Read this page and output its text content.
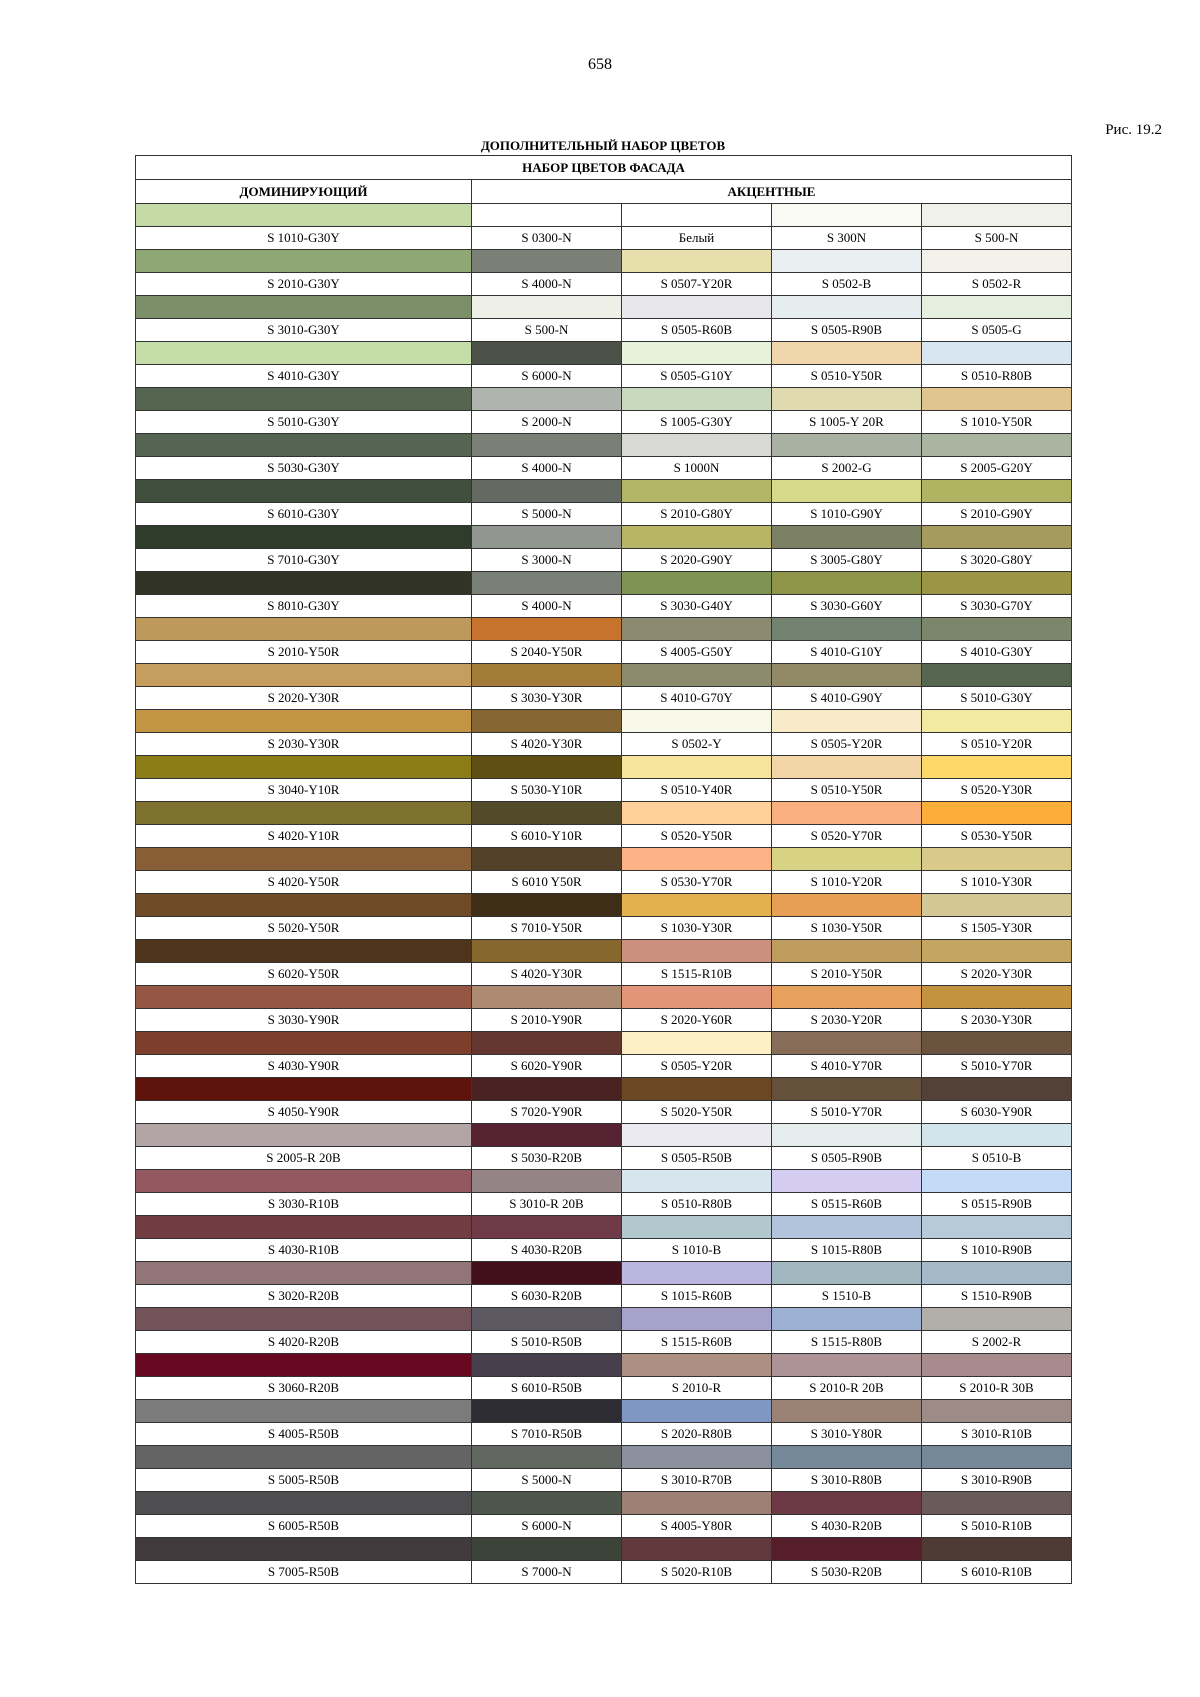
658
Рис. 19.2
ДОПОЛНИТЕЛЬНЫЙ НАБОР ЦВЕТОВ
НАБОР ЦВЕТОВ ФАСАДА				
ДОМИНИРУЮЩИЙ	АКЦЕНТНЫЕ			

S 1010-G30Y	S 0300-N	Белый	S 300N	S 500-N

S 2010-G30Y	S 4000-N	S 0507-Y20R	S 0502-B	S 0502-R

S 3010-G30Y	S 500-N	S 0505-R60B	S 0505-R90B	S 0505-G

S 4010-G30Y	S 6000-N	S 0505-G10Y	S 0510-Y50R	S 0510-R80B

S 5010-G30Y	S 2000-N	S 1005-G30Y	S 1005-Y 20R	S 1010-Y50R

S 5030-G30Y	S 4000-N	S 1000N	S 2002-G	S 2005-G20Y

S 6010-G30Y	S 5000-N	S 2010-G80Y	S 1010-G90Y	S 2010-G90Y

S 7010-G30Y	S 3000-N	S 2020-G90Y	S 3005-G80Y	S 3020-G80Y

S 8010-G30Y	S 4000-N	S 3030-G40Y	S 3030-G60Y	S 3030-G70Y

S 2010-Y50R	S 2040-Y50R	S 4005-G50Y	S 4010-G10Y	S 4010-G30Y

S 2020-Y30R	S 3030-Y30R	S 4010-G70Y	S 4010-G90Y	S 5010-G30Y

S 2030-Y30R	S 4020-Y30R	S 0502-Y	S 0505-Y20R	S 0510-Y20R

S 3040-Y10R	S 5030-Y10R	S 0510-Y40R	S 0510-Y50R	S 0520-Y30R

S 4020-Y10R	S 6010-Y10R	S 0520-Y50R	S 0520-Y70R	S 0530-Y50R

S 4020-Y50R	S 6010 Y50R	S 0530-Y70R	S 1010-Y20R	S 1010-Y30R

S 5020-Y50R	S 7010-Y50R	S 1030-Y30R	S 1030-Y50R	S 1505-Y30R

S 6020-Y50R	S 4020-Y30R	S 1515-R10B	S 2010-Y50R	S 2020-Y30R

S 3030-Y90R	S 2010-Y90R	S 2020-Y60R	S 2030-Y20R	S 2030-Y30R

S 4030-Y90R	S 6020-Y90R	S 0505-Y20R	S 4010-Y70R	S 5010-Y70R

S 4050-Y90R	S 7020-Y90R	S 5020-Y50R	S 5010-Y70R	S 6030-Y90R

S 2005-R 20B	S 5030-R20B	S 0505-R50B	S 0505-R90B	S 0510-B

S 3030-R10B	S 3010-R 20B	S 0510-R80B	S 0515-R60B	S 0515-R90B

S 4030-R10B	S 4030-R20B	S 1010-B	S 1015-R80B	S 1010-R90B

S 3020-R20B	S 6030-R20B	S 1015-R60B	S 1510-B	S 1510-R90B

S 4020-R20B	S 5010-R50B	S 1515-R60B	S 1515-R80B	S 2002-R

S 3060-R20B	S 6010-R50B	S 2010-R	S 2010-R 20B	S 2010-R 30B

S 4005-R50B	S 7010-R50B	S 2020-R80B	S 3010-Y80R	S 3010-R10B

S 5005-R50B	S 5000-N	S 3010-R70B	S 3010-R80B	S 3010-R90B

S 6005-R50B	S 6000-N	S 4005-Y80R	S 4030-R20B	S 5010-R10B

S 7005-R50B	S 7000-N	S 5020-R10B	S 5030-R20B	S 6010-R10B
